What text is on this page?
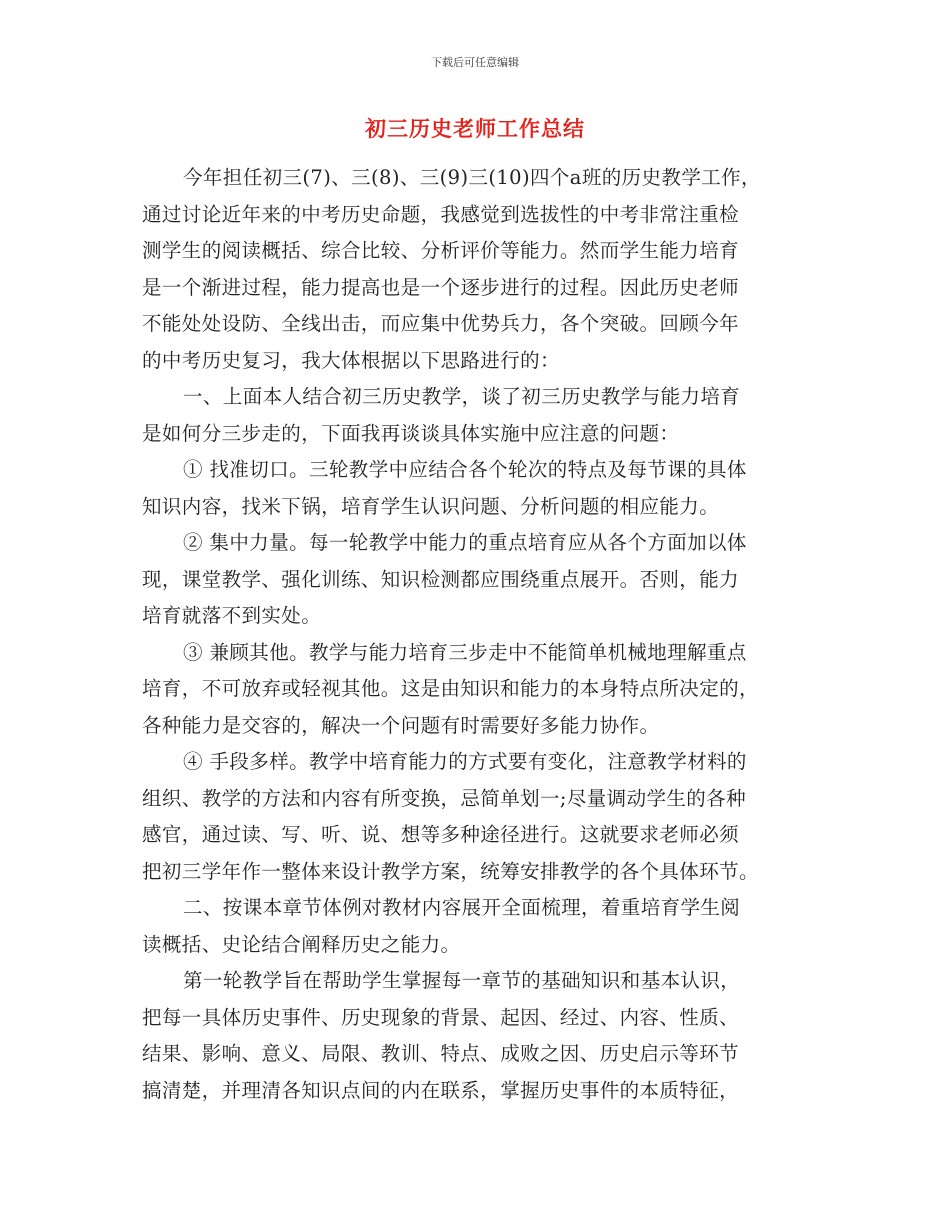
下载后可任意编辑
初三历史老师工作总结
今年担任初三(7)、三(8)、三(9)三(10)四个a班的历史教学工作，
通过讨论近年来的中考历史命题，我感觉到选拔性的中考非常注重检
测学生的阅读概括、综合比较、分析评价等能力。然而学生能力培育
是一个渐进过程，能力提高也是一个逐步进行的过程。因此历史老师
不能处处设防、全线出击，而应集中优势兵力，各个突破。回顾今年
的中考历史复习，我大体根据以下思路进行的：
一、上面本人结合初三历史教学，谈了初三历史教学与能力培育
是如何分三步走的，下面我再谈谈具体实施中应注意的问题：
① 找准切口。三轮教学中应结合各个轮次的特点及每节课的具体
知识内容，找米下锅，培育学生认识问题、分析问题的相应能力。
② 集中力量。每一轮教学中能力的重点培育应从各个方面加以体
现，课堂教学、强化训练、知识检测都应围绕重点展开。否则，能力
培育就落不到实处。
③ 兼顾其他。教学与能力培育三步走中不能简单机械地理解重点
培育，不可放弃或轻视其他。这是由知识和能力的本身特点所决定的，
各种能力是交容的，解决一个问题有时需要好多能力协作。
④ 手段多样。教学中培育能力的方式要有变化，注意教学材料的
组织、教学的方法和内容有所变换，忌简单划一;尽量调动学生的各种
感官，通过读、写、听、说、想等多种途径进行。这就要求老师必须
把初三学年作一整体来设计教学方案，统筹安排教学的各个具体环节。
二、按课本章节体例对教材内容展开全面梳理，着重培育学生阅
读概括、史论结合阐释历史之能力。
第一轮教学旨在帮助学生掌握每一章节的基础知识和基本认识，
把每一具体历史事件、历史现象的背景、起因、经过、内容、性质、
结果、影响、意义、局限、教训、特点、成败之因、历史启示等环节
搞清楚，并理清各知识点间的内在联系，掌握历史事件的本质特征，
